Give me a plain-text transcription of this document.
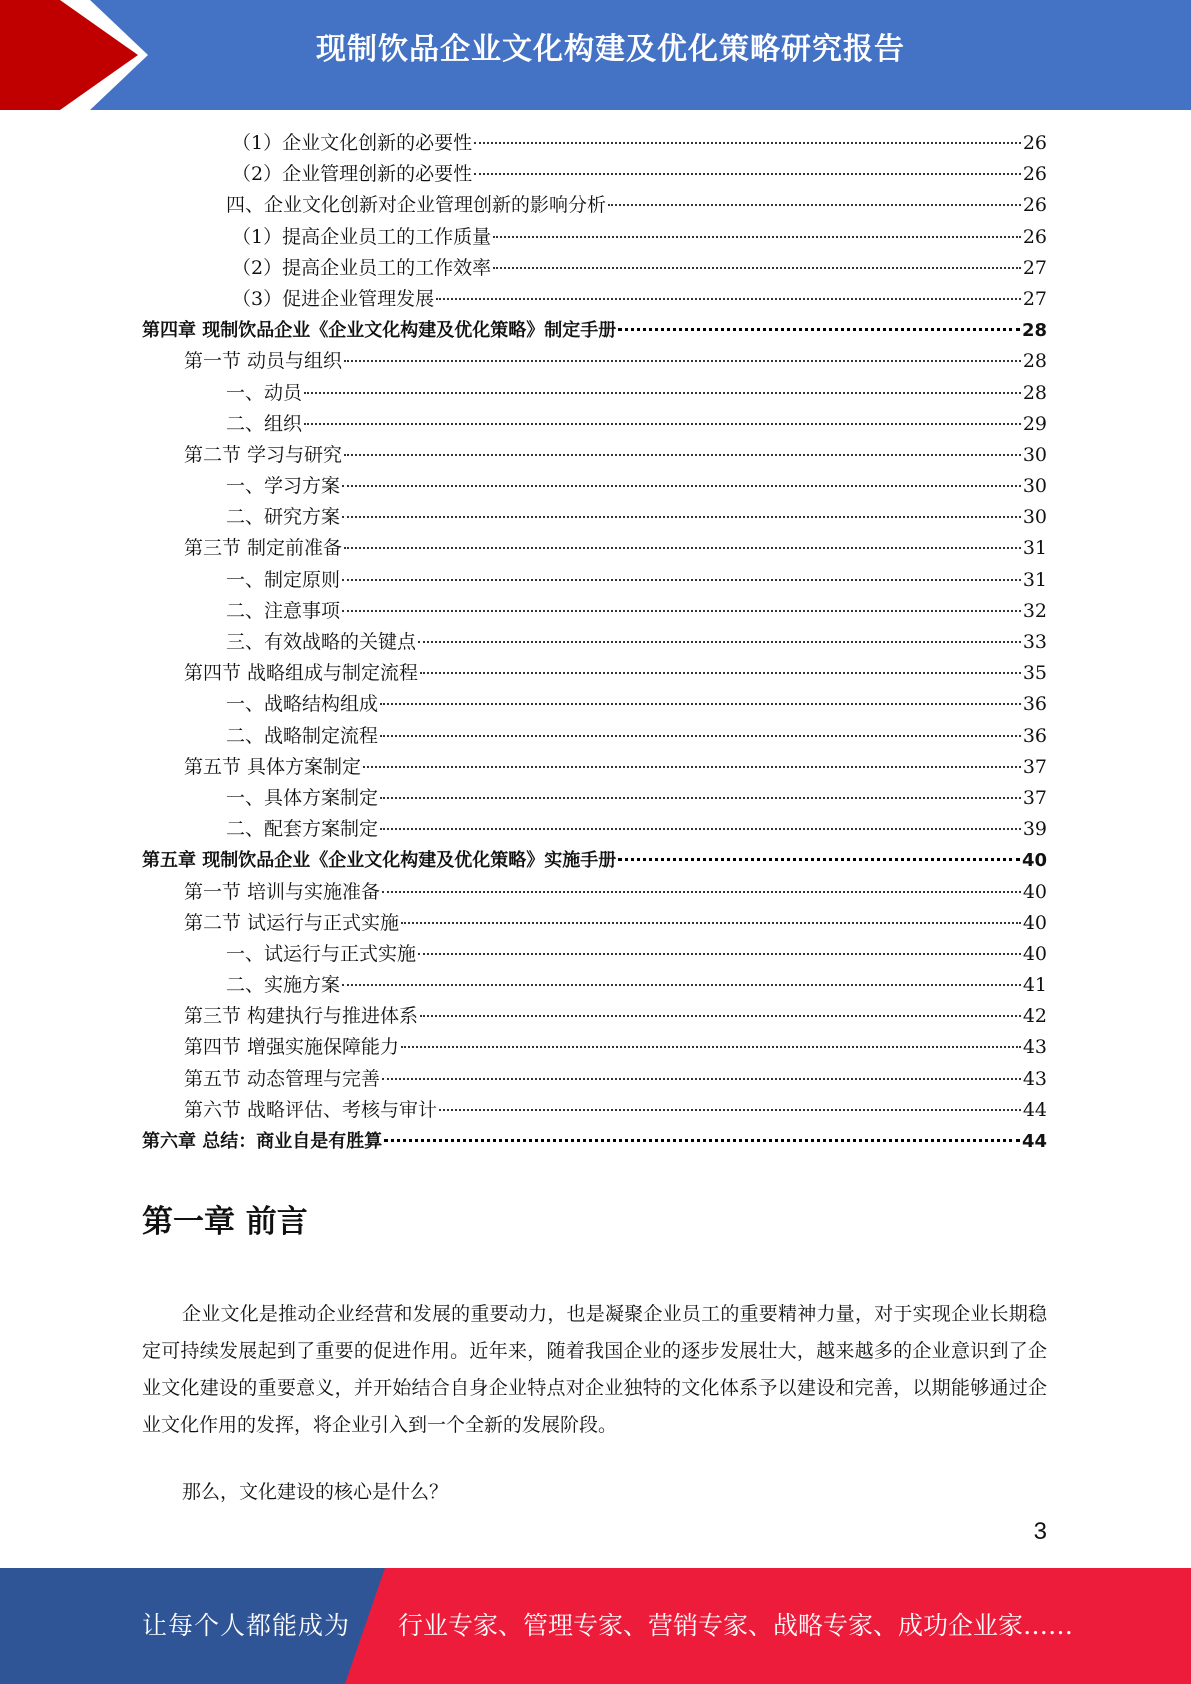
现制饮品企业文化构建及优化策略研究报告
（1）企业文化创新的必要性	26
（2）企业管理创新的必要性	26
四、企业文化创新对企业管理创新的影响分析	26
（1）提高企业员工的工作质量	26
（2）提高企业员工的工作效率	27
（3）促进企业管理发展	27
第四章 现制饮品企业《企业文化构建及优化策略》制定手册	28
第一节 动员与组织	28
一、动员	28
二、组织	29
第二节 学习与研究	30
一、学习方案	30
二、研究方案	30
第三节 制定前准备	31
一、制定原则	31
二、注意事项	32
三、有效战略的关键点	33
第四节 战略组成与制定流程	35
一、战略结构组成	36
二、战略制定流程	36
第五节 具体方案制定	37
一、具体方案制定	37
二、配套方案制定	39
第五章 现制饮品企业《企业文化构建及优化策略》实施手册	40
第一节 培训与实施准备	40
第二节 试运行与正式实施	40
一、试运行与正式实施	40
二、实施方案	41
第三节 构建执行与推进体系	42
第四节 增强实施保障能力	43
第五节 动态管理与完善	43
第六节 战略评估、考核与审计	44
第六章 总结：商业自是有胜算	44
第一章 前言

企业文化是推动企业经营和发展的重要动力，也是凝聚企业员工的重要精神力量，对于实现企业长期稳定可持续发展起到了重要的促进作用。近年来，随着我国企业的逐步发展壮大，越来越多的企业意识到了企业文化建设的重要意义，并开始结合自身企业特点对企业独特的文化体系予以建设和完善，以期能够通过企业文化作用的发挥，将企业引入到一个全新的发展阶段。

那么，文化建设的核心是什么？

3
让每个人都能成为 行业专家、管理专家、营销专家、战略专家、成功企业家……
